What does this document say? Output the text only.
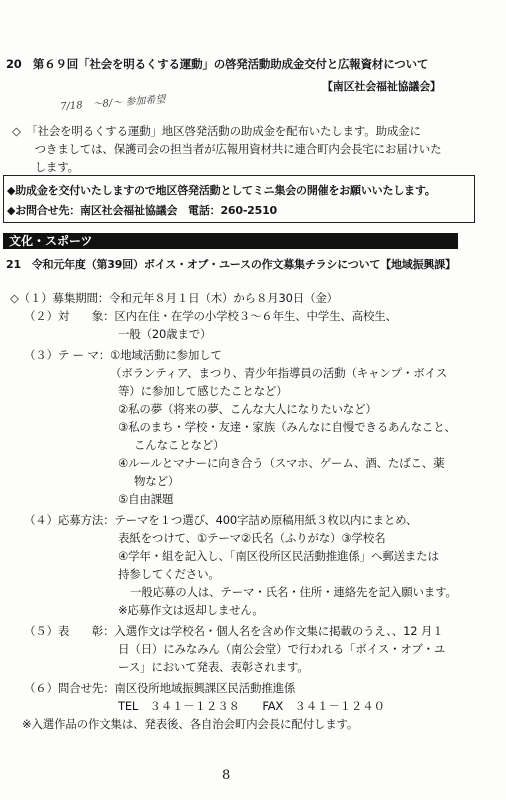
20　第６９回「社会を明るくする運動」の啓発活動助成金交付と広報資材について
【南区社会福祉協議会】
7/18　〜8/〜 参加希望
◇　「社会を明るくする運動」地区啓発活動の助成金を配布いたします。助成金に
　　つきましては、保護司会の担当者が広報用資材共に連合町内会長宅にお届けいた
　　します。
◆助成金を交付いたしますので地区啓発活動としてミニ集会の開催をお願いいたします。
◆お問合せ先：南区社会福祉協議会　電話：260-2510
文化・スポーツ
21　令和元年度（第39回）ボイス・オブ・ユースの作文募集チラシについて【地域振興課】
◇（１）募集期間：令和元年８月１日（木）から８月30日（金）
（２）対　　象：区内在住・在学の小学校３～６年生、中学生、高校生、
一般（20歳まで）
（３）テ ー マ：①地域活動に参加して
（ボランティア、まつり、青少年指導員の活動（キャンプ・ボイス
等）に参加して感じたことなど）
②私の夢（将来の夢、こんな大人になりたいなど）
③私のまち・学校・友達・家族（みんなに自慢できるあんなこと、
こんなことなど）
④ルールとマナーに向き合う（スマホ、ゲーム、酒、たばこ、薬
物など）
⑤自由課題
（４）応募方法：テーマを１つ選び、400字詰め原稿用紙３枚以内にまとめ、
表紙をつけて、①テーマ②氏名（ふりがな）③学校名
④学年・組を記入し、「南区役所区民活動推進係」へ郵送または
持参してください。
一般応募の人は、テーマ・氏名・住所・連絡先を記入願います。
※応募作文は返却しません。
（５）表　　彰：入選作文は学校名・個人名を含め作文集に掲載のうえ、、12 月１
日（日）にみなみん（南公会堂）で行われる「ボイス・オブ・ユ
ース」において発表、表彰されます。
（６）問合せ先：南区役所地域振興課区民活動推進係
TEL　３４１－１２３８　　FAX　３４１－１２４０
※入選作品の作文集は、発表後、各自治会町内会長に配付します。
8
